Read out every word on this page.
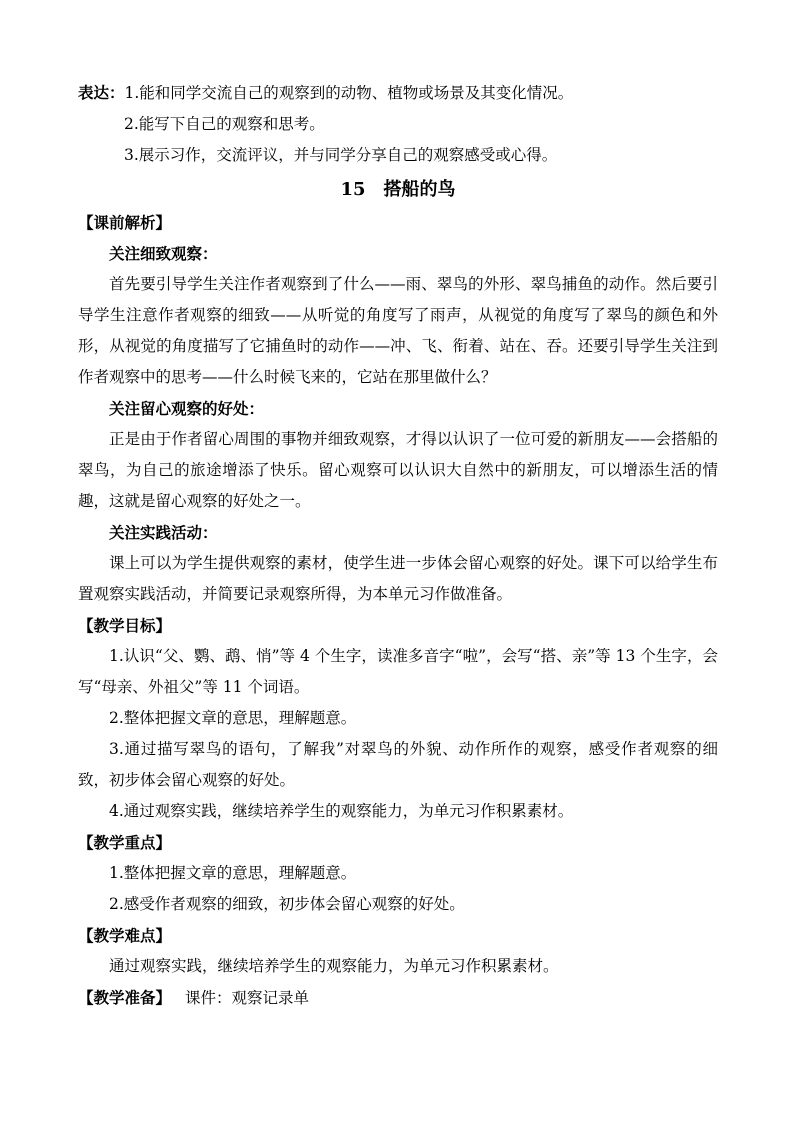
表达：1.能和同学交流自己的观察到的动物、植物或场景及其变化情况。
2.能写下自己的观察和思考。
3.展示习作，交流评议，并与同学分享自己的观察感受或心得。
15 搭船的鸟
【课前解析】
关注细致观察：
首先要引导学生关注作者观察到了什么——雨、翠鸟的外形、翠鸟捕鱼的动作。然后要引导学生注意作者观察的细致——从听觉的角度写了雨声，从视觉的角度写了翠鸟的颜色和外形，从视觉的角度描写了它捕鱼时的动作——冲、飞、衔着、站在、吞。还要引导学生关注到作者观察中的思考——什么时候飞来的，它站在那里做什么？
关注留心观察的好处：
正是由于作者留心周围的事物并细致观察，才得以认识了一位可爱的新朋友——会搭船的翠鸟，为自己的旅途增添了快乐。留心观察可以认识大自然中的新朋友，可以增添生活的情趣，这就是留心观察的好处之一。
关注实践活动：
课上可以为学生提供观察的素材，使学生进一步体会留心观察的好处。课下可以给学生布置观察实践活动，并简要记录观察所得，为本单元习作做准备。
【教学目标】
1.认识“父、鹦、鹉、悄”等 4 个生字，读准多音字“啦”，会写“搭、亲”等 13 个生字，会写“母亲、外祖父”等 11 个词语。
2.整体把握文章的意思，理解题意。
3.通过描写翠鸟的语句，了解我”对翠鸟的外貌、动作所作的观察，感受作者观察的细致，初步体会留心观察的好处。
4.通过观察实践，继续培养学生的观察能力，为单元习作积累素材。
【教学重点】
1.整体把握文章的意思，理解题意。
2.感受作者观察的细致，初步体会留心观察的好处。
【教学难点】
通过观察实践，继续培养学生的观察能力，为单元习作积累素材。
【教学准备】 课件：观察记录单
